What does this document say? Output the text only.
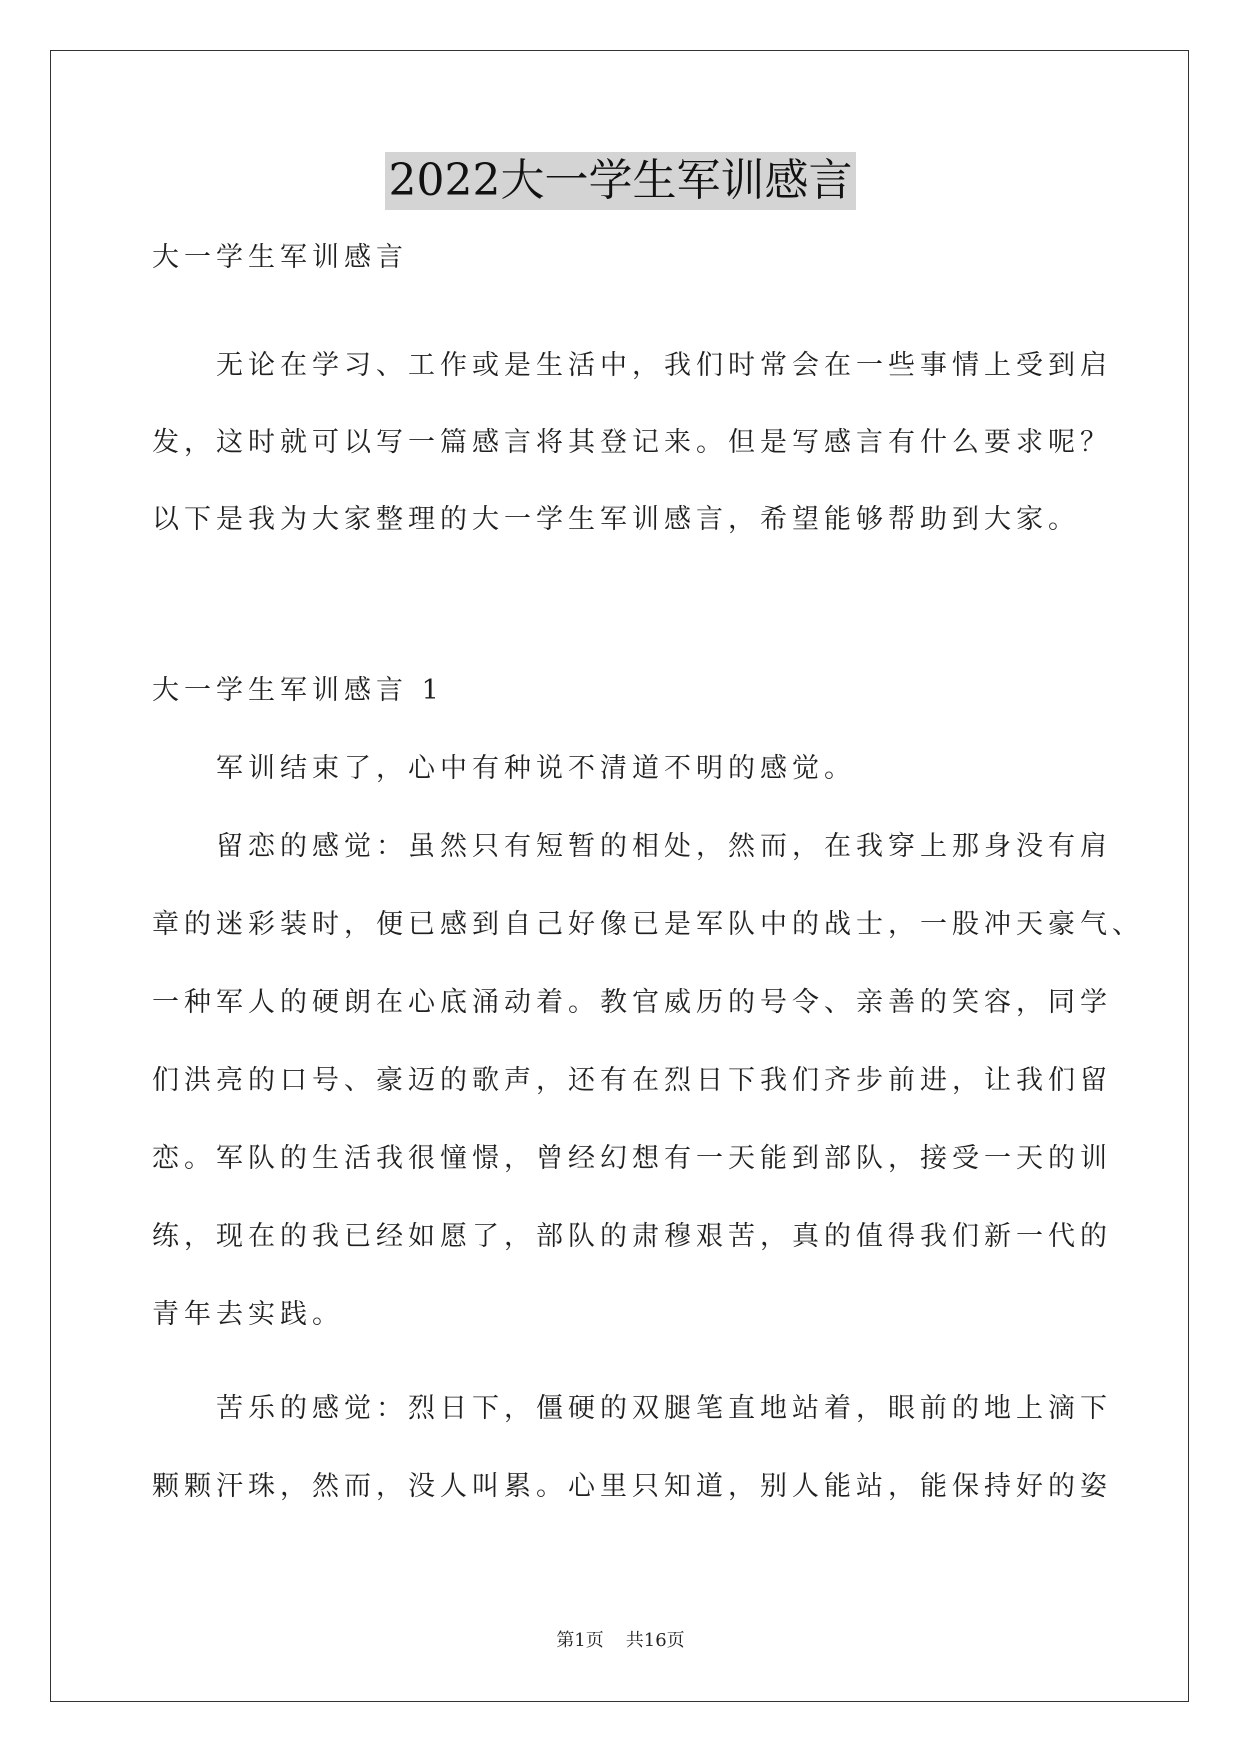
2022大一学生军训感言
大一学生军训感言
　　无论在学习、工作或是生活中，我们时常会在一些事情上受到启
发，这时就可以写一篇感言将其登记来。但是写感言有什么要求呢？
以下是我为大家整理的大一学生军训感言，希望能够帮助到大家。
大一学生军训感言 1
　　军训结束了，心中有种说不清道不明的感觉。
　　留恋的感觉：虽然只有短暂的相处，然而，在我穿上那身没有肩
章的迷彩装时，便已感到自己好像已是军队中的战士，一股冲天豪气、
一种军人的硬朗在心底涌动着。教官威历的号令、亲善的笑容，同学
们洪亮的口号、豪迈的歌声，还有在烈日下我们齐步前进，让我们留
恋。军队的生活我很憧憬，曾经幻想有一天能到部队，接受一天的训
练，现在的我已经如愿了，部队的肃穆艰苦，真的值得我们新一代的
青年去实践。
　　苦乐的感觉：烈日下，僵硬的双腿笔直地站着，眼前的地上滴下
颗颗汗珠，然而，没人叫累。心里只知道，别人能站，能保持好的姿
第1页 共16页
